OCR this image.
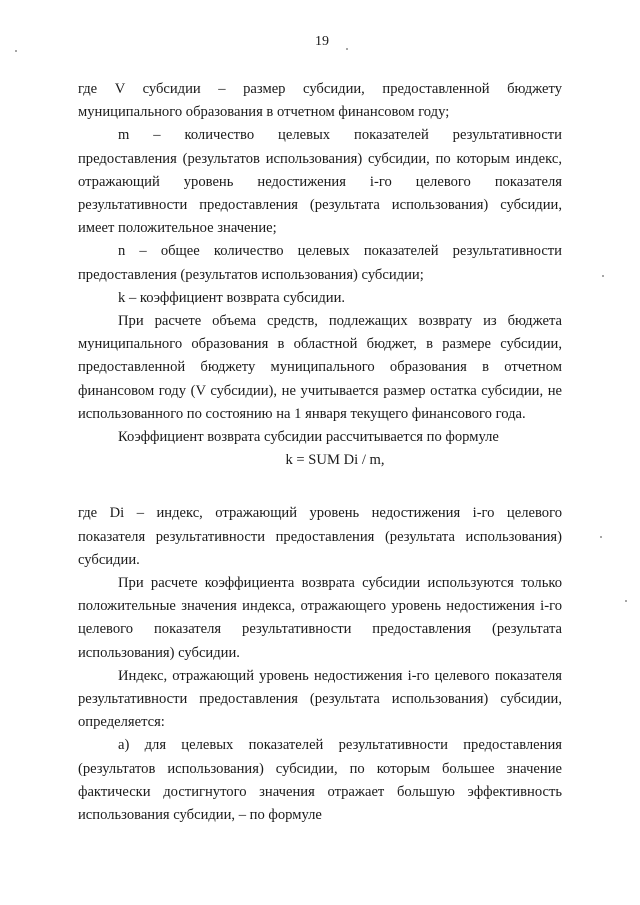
19

где V субсидии – размер субсидии, предоставленной бюджету муниципального образования в отчетном финансовом году;

m – количество целевых показателей результативности предоставления (результатов использования) субсидии, по которым индекс, отражающий уровень недостижения i-го целевого показателя результативности предоставления (результата использования) субсидии, имеет положительное значение;

n – общее количество целевых показателей результативности предоставления (результатов использования) субсидии;

k – коэффициент возврата субсидии.

При расчете объема средств, подлежащих возврату из бюджета муниципального образования в областной бюджет, в размере субсидии, предоставленной бюджету муниципального образования в отчетном финансовом году (V субсидии), не учитывается размер остатка субсидии, не использованного по состоянию на 1 января текущего финансового года.

Коэффициент возврата субсидии рассчитывается по формуле

k = SUM Di / m,

где Di – индекс, отражающий уровень недостижения i-го целевого показателя результативности предоставления (результата использования) субсидии.

При расчете коэффициента возврата субсидии используются только положительные значения индекса, отражающего уровень недостижения i-го целевого показателя результативности предоставления (результата использования) субсидии.

Индекс, отражающий уровень недостижения i-го целевого показателя результативности предоставления (результата использования) субсидии, определяется:

а) для целевых показателей результативности предоставления (результатов использования) субсидии, по которым большее значение фактически достигнутого значения отражает большую эффективность использования субсидии, – по формуле
